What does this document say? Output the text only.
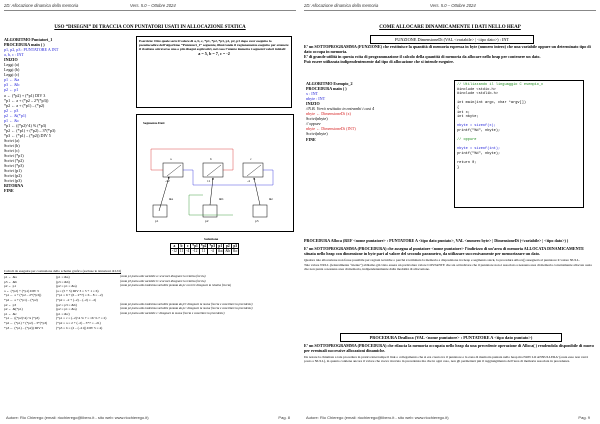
2D: Allocazione dinamica della memoria	Vers. 5.0 – Ottobre 2024
USO “DISEGNI” DI TRACCIA CON PUNTATORI USATI IN ALLOCAZIONE STATICA
ALGORITMO Puntatori_1
PROCEDURA main ( )
p1, p2, p3 : PUNTATORE A INT
a, b, c : INT
INIZIO
Leggi (a)
Leggi (b)
Leggi (c)
p1 ← &a
p3 ← &b
p2 ← p1
a ← (*p2) + (*p1) DIV 3
*p1 ← a + (*p2 – 2*(*p3))
*p2 ← a + (*p1) – (*p2)
p2 ← p3
p2 ← &(*p1)
p1 ← &c
*p1 ← ((*p2)^4) % (*p3)
*p2 ← (*p1) + (*p2) – 3*(*p3)
*p3 ← (*p1) – (*p2)) DIV 5
Scrivi (a)
Scrivi (b)
Scrivi (c)
Scrivi (*p1)
Scrivi (*p2)
Scrivi (*p3)
Scrivi (p1)
Scrivi (p2)
Scrivi (p3)
RITORNA
FINE
Esercizio: Dire quale sarà il valore di a, b, c, *p1, *p2, *p3, p1, p2, p3 dopo aver eseguito lo pseudocodice dell’algoritmo “Puntatori_1” seguente, illustrando il ragionamento eseguito per ottenere il risultato attraverso uno o più disegni esplicativi, nel caso l’utente immetta i seguenti valori iniziali:
a = 5, b = 7, c = -2
Segmento Dati
a	b	c
-12	11	-4
&a	&b	&c
p1	p2	p3
Soluzione
a	b	c	*p1	*p2	*p3	p1	p2	p3
-12	11	-4	-12	11	-4	&a	&b	&c
Calcoli da eseguire per costruzione dello schema grafico (escluse le istruzioni di I/O)
p1 ← &a	(p1 = &a)	(ossia p1 punta alla variabile a: scoccare disegnare la relativa freccia)
p3 ← &b	(p3 = &b)	(ossia p3 punta alla variabile b: scoccare disegnare la relativa freccia)
p2 ← p1	(p2 = p1 = &a)	(ossia p2 punta alla medesima variabile puntata da p1 occorre disegnare la relativa freccia)
a ← (*p2) + (*p1) DIV 3	(a = (5 + 5) DIV 3 = 5 + 1 = 6)
*p1 ← a + (*p2 – 2*(*p3))	(*p1 = 6 + (6 – 2*7) = 6 – 8 = –2)
*p2 ← a + (*p1) – (*p2)	(*p2 = –2 + (–2) – (–2) = –2)
p2 ← p3	(p2 = p3 = &b)	(ossia p2 punta alla medesima variabile puntata da p3: disegnare la nuova freccia e cancellare la precedente)
p2 ← &(*p1)	(p2 = p1 = &a)	(ossia p2 punta alla medesima variabile puntata da p1: disegnare la nuova freccia e cancellare la precedente)
p1 ← &c	(p1 = &c)	(ossia p1 punta alla variabile c: disegnare la nuova freccia e cancellare la precedente)
*p1 ← ((*p2)^4) % (*p3)	(*p1 = c = (–2)^4 % 7 = 16 % 7 = 2)
*p2 ← (*p1) + (*p2) – 3*(*p3)	(*p2 = a = 2 + (–2) – 3*7 = –21)
*p3 ← (*p1) – (*p2)) DIV 5	(*p3 = b = (2 – (–21)) DIV 5 = 4)
Autore: Rio Chierego (email: riochierego@libero.it - sito web: www.riochierego.it)	Pag. 8
2D: Allocazione dinamica della memoria	Vers. 5.0 – Ottobre 2024
COME ALLOCARE DINAMICAMENTE I DATI NELLO HEAP
FUNZIONE DimensioneDi (VAL <variabile> | <tipo dato>) : INT
E’ un SOTTOPROGRAMMA (FUNZIONE) che restituisce la quantità di memoria espressa in byte (numero intero) che una variabile oppure un determinato tipo di dato occupa in memoria.
E’ di grande utilità in questa ecita di programmazione il calcolo della quantità di memoria da allocare nello heap per contenere un dato.
Può essere utilizzata indipendentemente dal tipo di allocazione che si intende eseguire.
ALGORITMO Esempio_2
PROCEDURA main ( )
x : INT
nbyte : INT
INIZIO
//N.B. Verrà restituito in entrambi i casi 4
nbyte ← DimensioneDi (x)
Scrivi(nbyte)
// oppure
nbyte ← DimensioneDi (INT)
Scrivi(nbyte)
FINE
// Utilizzando il linguaggio C esempio_c
#include <stdio.h>
#include <stdlib.h>

int main(int argc, char *argv[])
{
int x;
int nbyte;

nbyte = sizeof(x);
printf("%d", nbyte);

// oppure

nbyte = sizeof(int);
printf("%d", nbyte);

return 0;
}
PROCEDURA Alloca (REF <nome puntatore> : PUNTATORE A <tipo dato puntato>, VAL <numero byte> | DimensioneDi (<variabile> | <tipo dato>) )
E’ un SOTTOPROGRAMMA (PROCEDURA) che assegna al puntatore <nome puntatore> l’indirizzo di un’area di memoria ALLOCATA DINAMICAMENTE situata nello heap con dimensione in byte pari al valore del secondo parametro, da utilizzare successivamente per memorizzare un dato.
Qualora tale allocazione non fosse possibile per ragioni tecniche o perché è terminata la memoria a disposizione tra heap e segmento stack, la procedura Alloca() assegnerà al puntatore il valore NULL.
Tale valore NULL (letteralmente “niente”) abbiamo già visto essere un particolare valore COSTANTE che sta ad indicare che il puntatore non è associato a nessuna area di memoria correttamente allocata ossia che non punta a nessuna area di memoria, indipendentemente dalla modalità di allocazione.
PROCEDURA Dealloca (VAL <nome puntatore> : PUNTATORE A <tipo dato puntato>)
E’ un SOTTOPROGRAMMA (PROCEDURA) che rilascia la memoria occupata nello heap da una precedente operazione di Alloca( ) rendendola disponibile di nuovo per eventuali successive allocazioni dinamiche.
Da notare la chiamata a tale procedura in pratica interrompe il link o collegamento che si era creato tra il puntatore e la zona di memoria puntata nello heap ma NON LO ANNULLERA’ (ossia esso non verrà posto a NULL), in quanto contiene ancora il valore che aveva ricevuto in precedenza ma che in ogni caso, non gli permetterà più il raggiungimento dell’area di memoria associata in precedenza.
Autore: Rio Chierego (email: riochierego@libero.it - sito web: www.riochierego.it)	Pag. 9
